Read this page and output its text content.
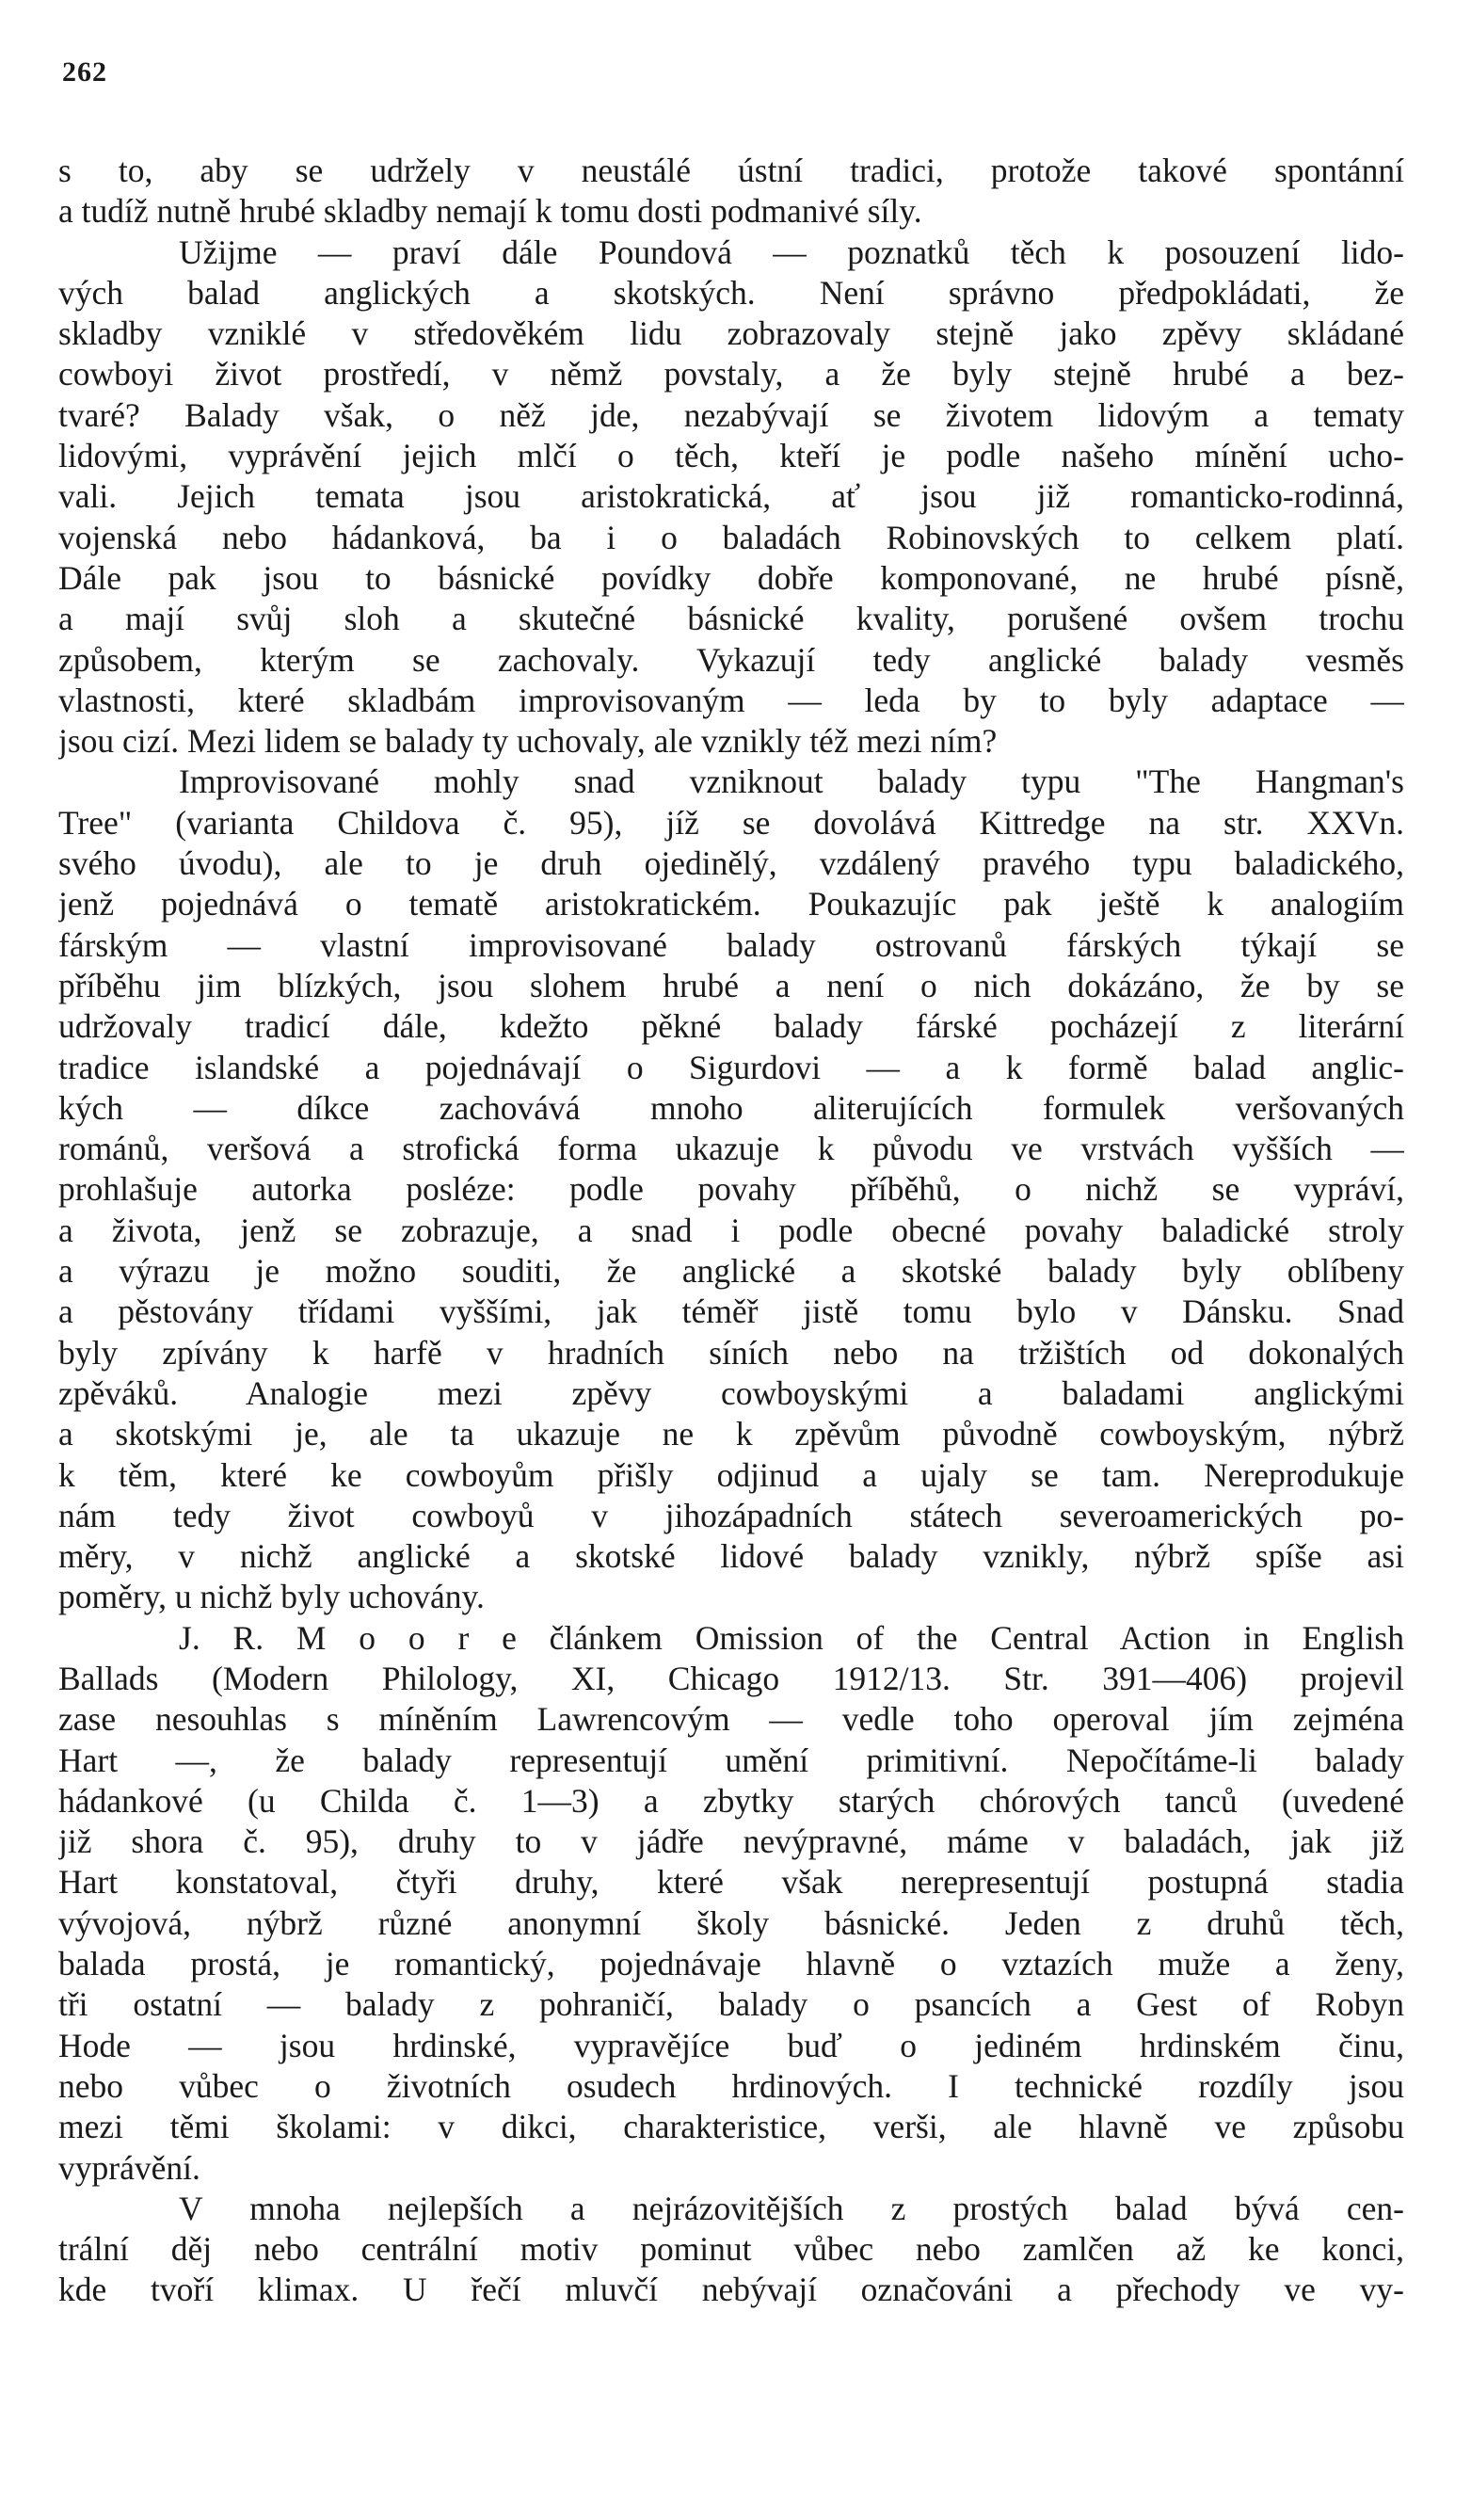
262

s to, aby se udržely v neustálé ústní tradici, protože takové spontánní
a tudíž nutně hrubé skladby nemají k tomu dosti podmanivé síly.

Užijme — praví dále Poundová — poznatků těch k posouzení lido-
vých balad anglických a skotských. Není správno předpokládati, že
skladby vzniklé v středověkém lidu zobrazovaly stejně jako zpěvy skládané
cowboyi život prostředí, v němž povstaly, a že byly stejně hrubé a bez-
tvaré? Balady však, o něž jde, nezabývají se životem lidovým a tematy
lidovými, vyprávění jejich mlčí o těch, kteří je podle našeho mínění ucho-
vali. Jejich temata jsou aristokratická, ať jsou již romanticko-rodinná,
vojenská nebo hádanková, ba i o baladách Robinovských to celkem platí.
Dále pak jsou to básnické povídky dobře komponované, ne hrubé písně,
a mají svůj sloh a skutečné básnické kvality, porušené ovšem trochu
způsobem, kterým se zachovaly. Vykazují tedy anglické balady vesměs
vlastnosti, které skladbám improvisovaným — leda by to byly adaptace —
jsou cizí. Mezi lidem se balady ty uchovaly, ale vznikly též mezi ním?

Improvisované mohly snad vzniknout balady typu "The Hangman's
Tree" (varianta Childova č. 95), jíž se dovolává Kittredge na str. XXVn.
svého úvodu), ale to je druh ojedinělý, vzdálený pravého typu baladického,
jenž pojednává o tematě aristokratickém. Poukazujíc pak ještě k analogiím
fárským — vlastní improvisované balady ostrovanů fárských týkají se
příběhu jim blízkých, jsou slohem hrubé a není o nich dokázáno, že by se
udržovaly tradicí dále, kdežto pěkné balady fárské pocházejí z literární
tradice islandské a pojednávají o Sigurdovi — a k formě balad anglic-
kých — díkce zachovává mnoho aliterujících formulek veršovaných
románů, veršová a strofická forma ukazuje k původu ve vrstvách vyšších —
prohlašuje autorka posléze: podle povahy příběhů, o nichž se vypráví,
a života, jenž se zobrazuje, a snad i podle obecné povahy baladické stroly
a výrazu je možno souditi, že anglické a skotské balady byly oblíbeny
a pěstovány třídami vyššími, jak téměř jistě tomu bylo v Dánsku. Snad
byly zpívány k harfě v hradních síních nebo na tržištích od dokonalých
zpěváků. Analogie mezi zpěvy cowboyskými a baladami anglickými
a skotskými je, ale ta ukazuje ne k zpěvům původně cowboyským, nýbrž
k těm, které ke cowboyům přišly odjinud a ujaly se tam. Nereprodukuje
nám tedy život cowboyů v jihozápadních státech severoamerických po-
měry, v nichž anglické a skotské lidové balady vznikly, nýbrž spíše asi
poměry, u nichž byly uchovány.

J. R. M o o r e článkem Omission of the Central Action in English
Ballads (Modern Philology, XI, Chicago 1912/13. Str. 391—406) projevil
zase nesouhlas s míněním Lawrencovým — vedle toho operoval jím zejména
Hart —, že balady representují umění primitivní. Nepočítáme-li balady
hádankové (u Childa č. 1—3) a zbytky starých chórových tanců (uvedené
již shora č. 95), druhy to v jádře nevýpravné, máme v baladách, jak již
Hart konstatoval, čtyři druhy, které však nerepresentují postupná stadia
vývojová, nýbrž různé anonymní školy básnické. Jeden z druhů těch,
balada prostá, je romantický, pojednávaje hlavně o vztazích muže a ženy,
tři ostatní — balady z pohraničí, balady o psancích a Gest of Robyn
Hode — jsou hrdinské, vypravějíce buď o jediném hrdinském činu,
nebo vůbec o životních osudech hrdinových. I technické rozdíly jsou
mezi těmi školami: v dikci, charakteristice, verši, ale hlavně ve způsobu
vyprávění.

V mnoha nejlepších a nejrázovitějších z prostých balad bývá cen-
trální děj nebo centrální motiv pominut vůbec nebo zamlčen až ke konci,
kde tvoří klimax. U řečí mluvčí nebývají označováni a přechody ve vy-
